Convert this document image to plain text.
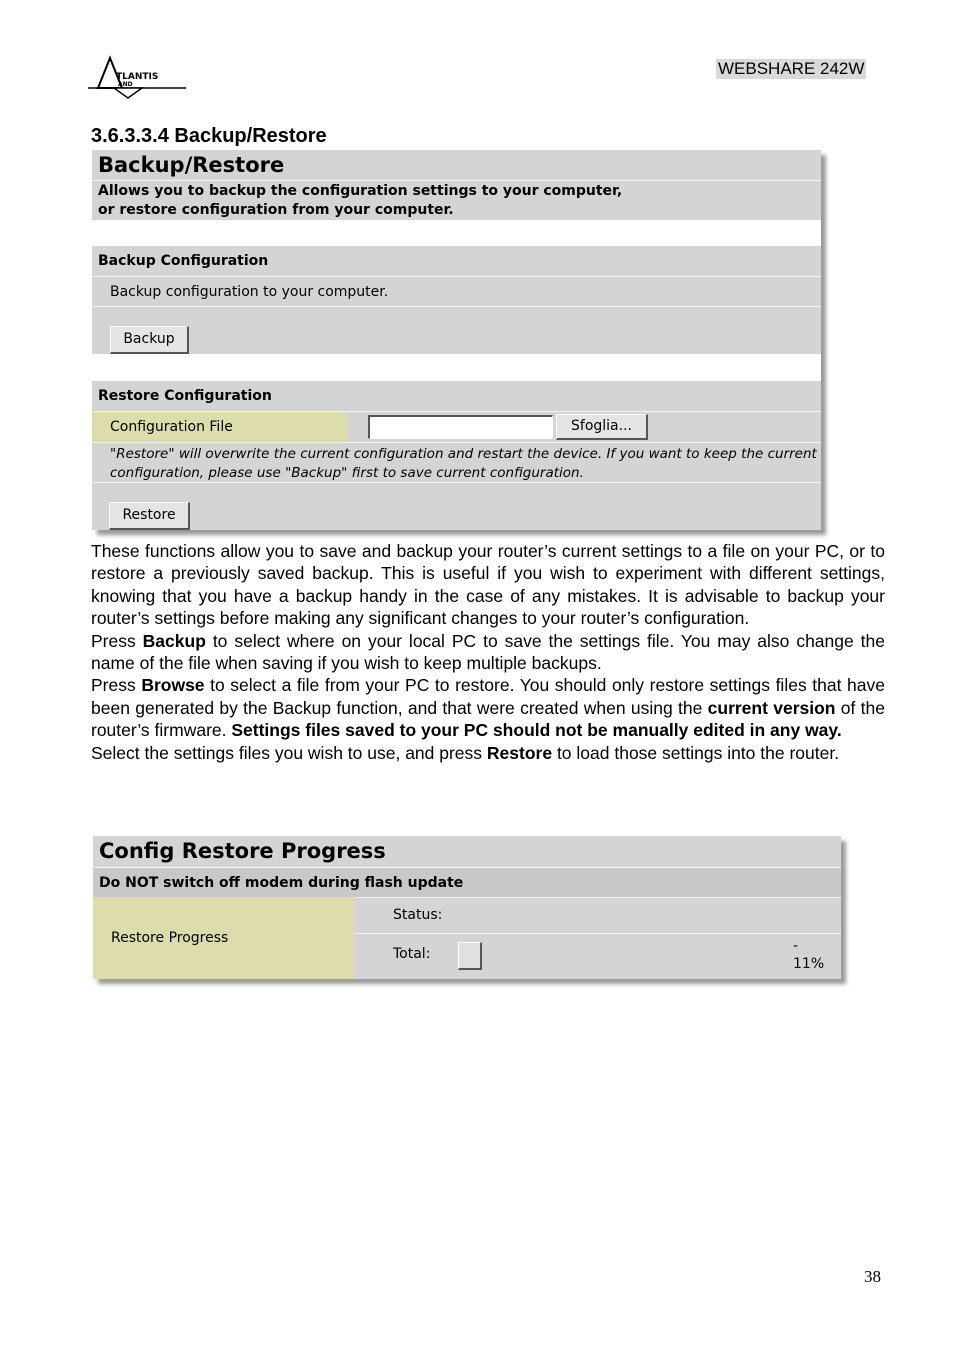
TLANTIS
AND
WEBSHARE 242W
3.6.3.3.4 Backup/Restore
Backup/Restore
Allows you to backup the configuration settings to your computer,
or restore configuration from your computer.
Backup Configuration
Backup configuration to your computer.
Backup
Restore Configuration
Configuration File	Sfoglia...
"Restore" will overwrite the current configuration and restart the device. If you want to keep the current
configuration, please use "Backup" first to save current configuration.
Restore

These functions allow you to save and backup your router’s current settings to a file on your PC, or to restore a previously saved backup. This is useful if you wish to experiment with different settings, knowing that you have a backup handy in the case of any mistakes. It is advisable to backup your router’s settings before making any significant changes to your router’s configuration.

Press Backup to select where on your local PC to save the settings file. You may also change the name of the file when saving if you wish to keep multiple backups.

Press Browse to select a file from your PC to restore. You should only restore settings files that have been generated by the Backup function, and that were created when using the current version of the router’s firmware. Settings files saved to your PC should not be manually edited in any way.

Select the settings files you wish to use, and press Restore to load those settings into the router.

Config Restore Progress
Do NOT switch off modem during flash update
Restore Progress
Status:
Total:	-
11%
38
